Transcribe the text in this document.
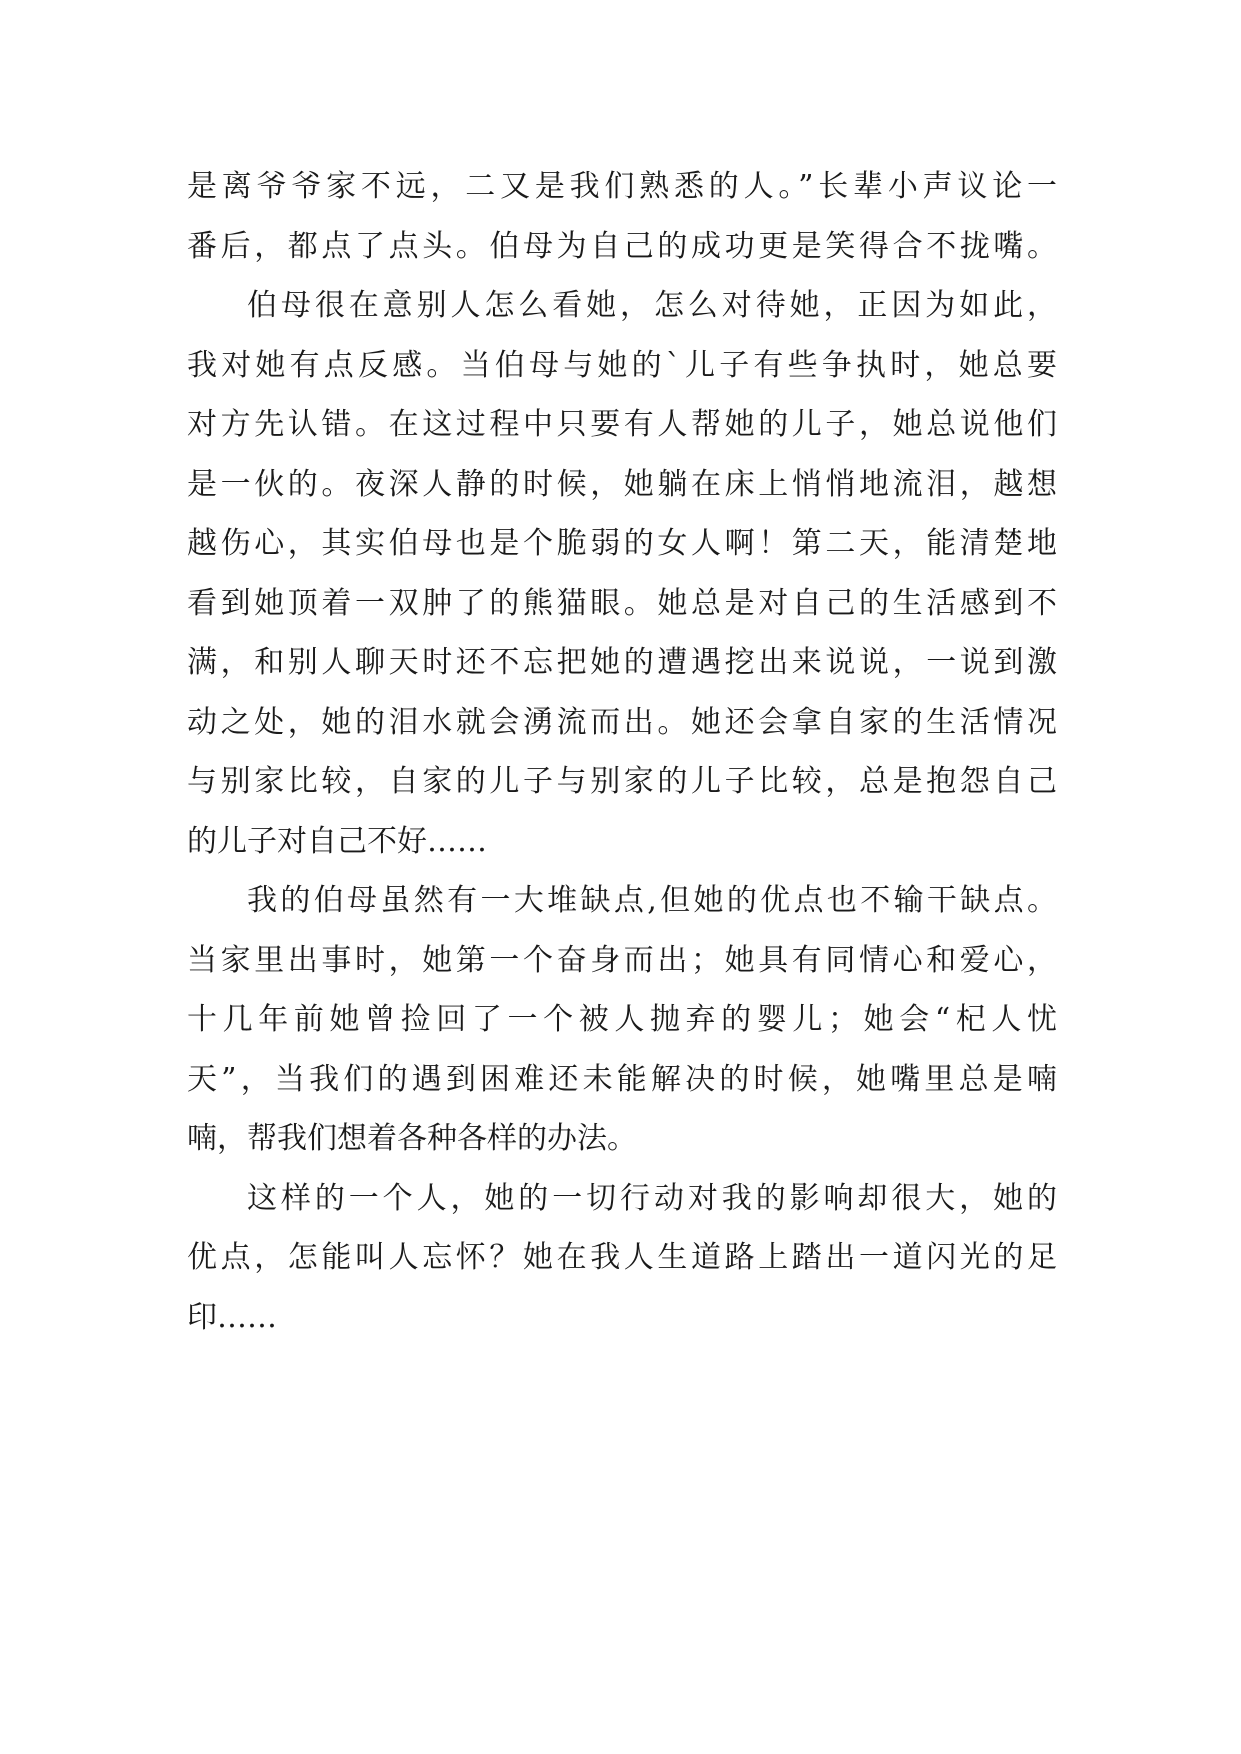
是离爷爷家不远，二又是我们熟悉的人。”长辈小声议论一
番后，都点了点头。伯母为自己的成功更是笑得合不拢嘴。
伯母很在意别人怎么看她，怎么对待她，正因为如此，
我对她有点反感。当伯母与她的`儿子有些争执时，她总要
对方先认错。在这过程中只要有人帮她的儿子，她总说他们
是一伙的。夜深人静的时候，她躺在床上悄悄地流泪，越想
越伤心，其实伯母也是个脆弱的女人啊！第二天，能清楚地
看到她顶着一双肿了的熊猫眼。她总是对自己的生活感到不
满，和别人聊天时还不忘把她的遭遇挖出来说说，一说到激
动之处，她的泪水就会湧流而出。她还会拿自家的生活情况
与别家比较，自家的儿子与别家的儿子比较，总是抱怨自己
的儿子对自己不好……
我的伯母虽然有一大堆缺点,但她的优点也不输干缺点。
当家里出事时，她第一个奋身而出；她具有同情心和爱心，
十几年前她曾捡回了一个被人抛弃的婴儿；她会“杞人忧
天”，当我们的遇到困难还未能解决的时候，她嘴里总是喃
喃，帮我们想着各种各样的办法。
这样的一个人，她的一切行动对我的影响却很大，她的
优点，怎能叫人忘怀？她在我人生道路上踏出一道闪光的足
印……
